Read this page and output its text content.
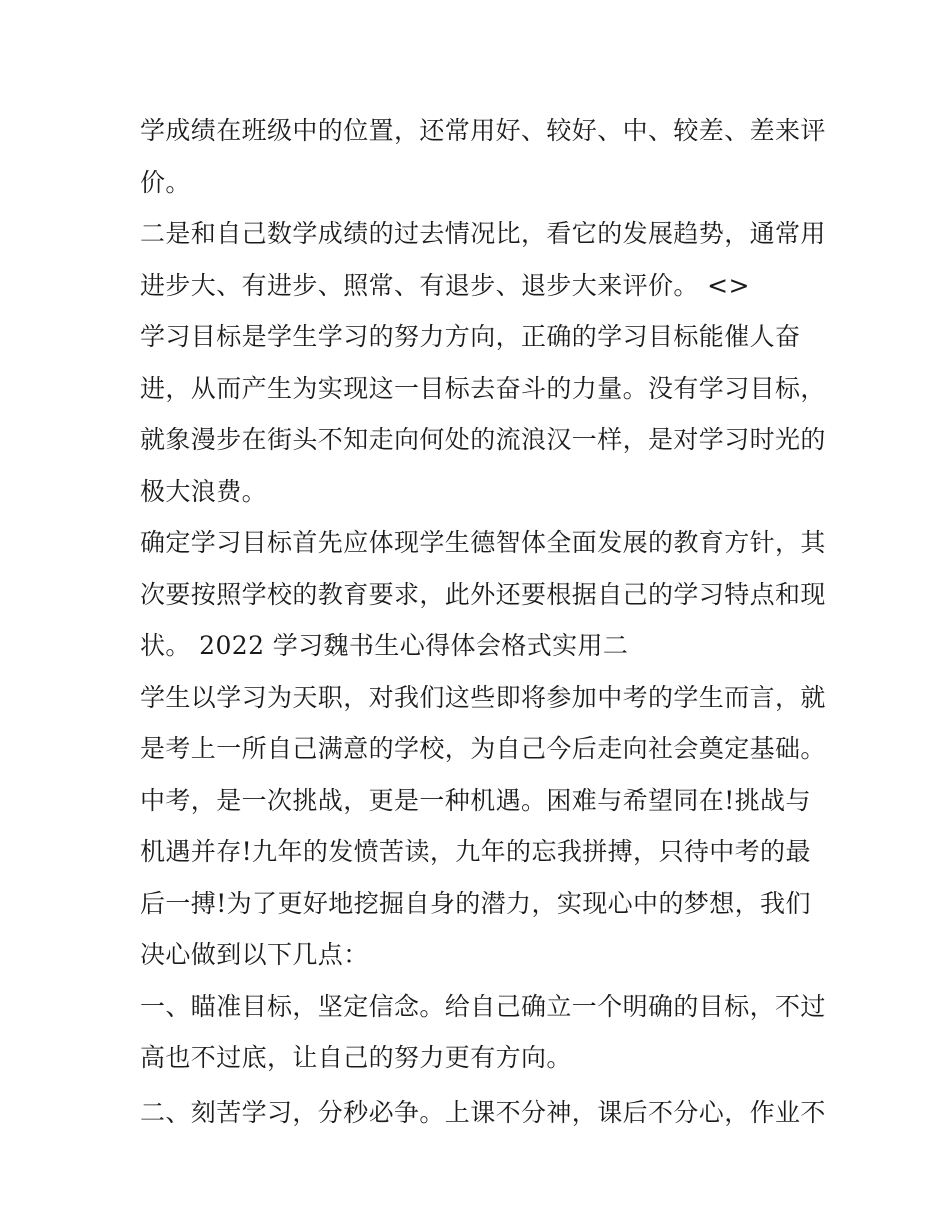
学成绩在班级中的位置，还常用好、较好、中、较差、差来评
价。
二是和自己数学成绩的过去情况比，看它的发展趋势，通常用
进步大、有进步、照常、有退步、退步大来评价。 <>
学习目标是学生学习的努力方向，正确的学习目标能催人奋
进，从而产生为实现这一目标去奋斗的力量。没有学习目标，
就象漫步在街头不知走向何处的流浪汉一样，是对学习时光的
极大浪费。
确定学习目标首先应体现学生德智体全面发展的教育方针，其
次要按照学校的教育要求，此外还要根据自己的学习特点和现
状。 2022 学习魏书生心得体会格式实用二
学生以学习为天职，对我们这些即将参加中考的学生而言，就
是考上一所自己满意的学校，为自己今后走向社会奠定基础。
中考，是一次挑战，更是一种机遇。困难与希望同在!挑战与
机遇并存!九年的发愤苦读，九年的忘我拼搏，只待中考的最
后一搏!为了更好地挖掘自身的潜力，实现心中的梦想，我们
决心做到以下几点：
一、瞄准目标，坚定信念。给自己确立一个明确的目标，不过
高也不过底，让自己的努力更有方向。
二、刻苦学习，分秒必争。上课不分神，课后不分心，作业不
